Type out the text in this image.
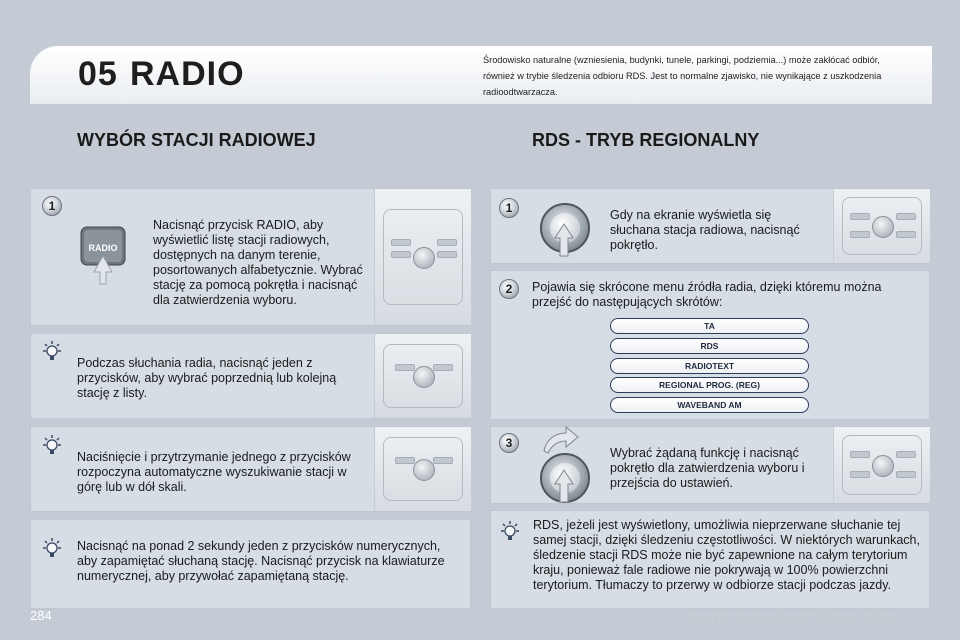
05 RADIO	Środowisko naturalne (wzniesienia, budynki, tunele, parkingi, podziemia...) może zakłócać odbiór, również w trybie śledzenia odbioru RDS. Jest to normalne zjawisko, nie wynikające z uszkodzenia radioodtwarzacza.
WYBÓR STACJI RADIOWEJ	RDS - TRYB REGIONALNY
1
RADIO
Nacisnąć przycisk RADIO, aby wyświetlić listę stacji radiowych, dostępnych na danym terenie, posortowanych alfabetycznie. Wybrać stację za pomocą pokrętła i nacisnąć dla zatwierdzenia wyboru.
Podczas słuchania radia, nacisnąć jeden z przycisków, aby wybrać poprzednią lub kolejną stację z listy.
Naciśnięcie i przytrzymanie jednego z przycisków rozpoczyna automatyczne wyszukiwanie stacji w górę lub w dół skali.
Nacisnąć na ponad 2 sekundy jeden z przycisków numerycznych, aby zapamiętać słuchaną stację. Nacisnąć przycisk na klawiaturze numerycznej, aby przywołać zapamiętaną stację.
1	Gdy na ekranie wyświetla się słuchana stacja radiowa, nacisnąć pokrętło.
2	Pojawia się skrócone menu źródła radia, dzięki któremu można przejść do następujących skrótów:
TA
RDS
RADIOTEXT
REGIONAL PROG. (REG)
WAVEBAND AM
3
Wybrać żądaną funkcję i nacisnąć pokrętło dla zatwierdzenia wyboru i przejścia do ustawień.
RDS, jeżeli jest wyświetlony, umożliwia nieprzerwane słuchanie tej samej stacji, dzięki śledzeniu częstotliwości. W niektórych warunkach, śledzenie stacji RDS może nie być zapewnione na całym terytorium kraju, ponieważ fale radiowe nie pokrywają w 100% powierzchni terytorium. Tłumaczy to przerwy w odbiorze stacji podczas jazdy.
284	carmanualsonline.info
